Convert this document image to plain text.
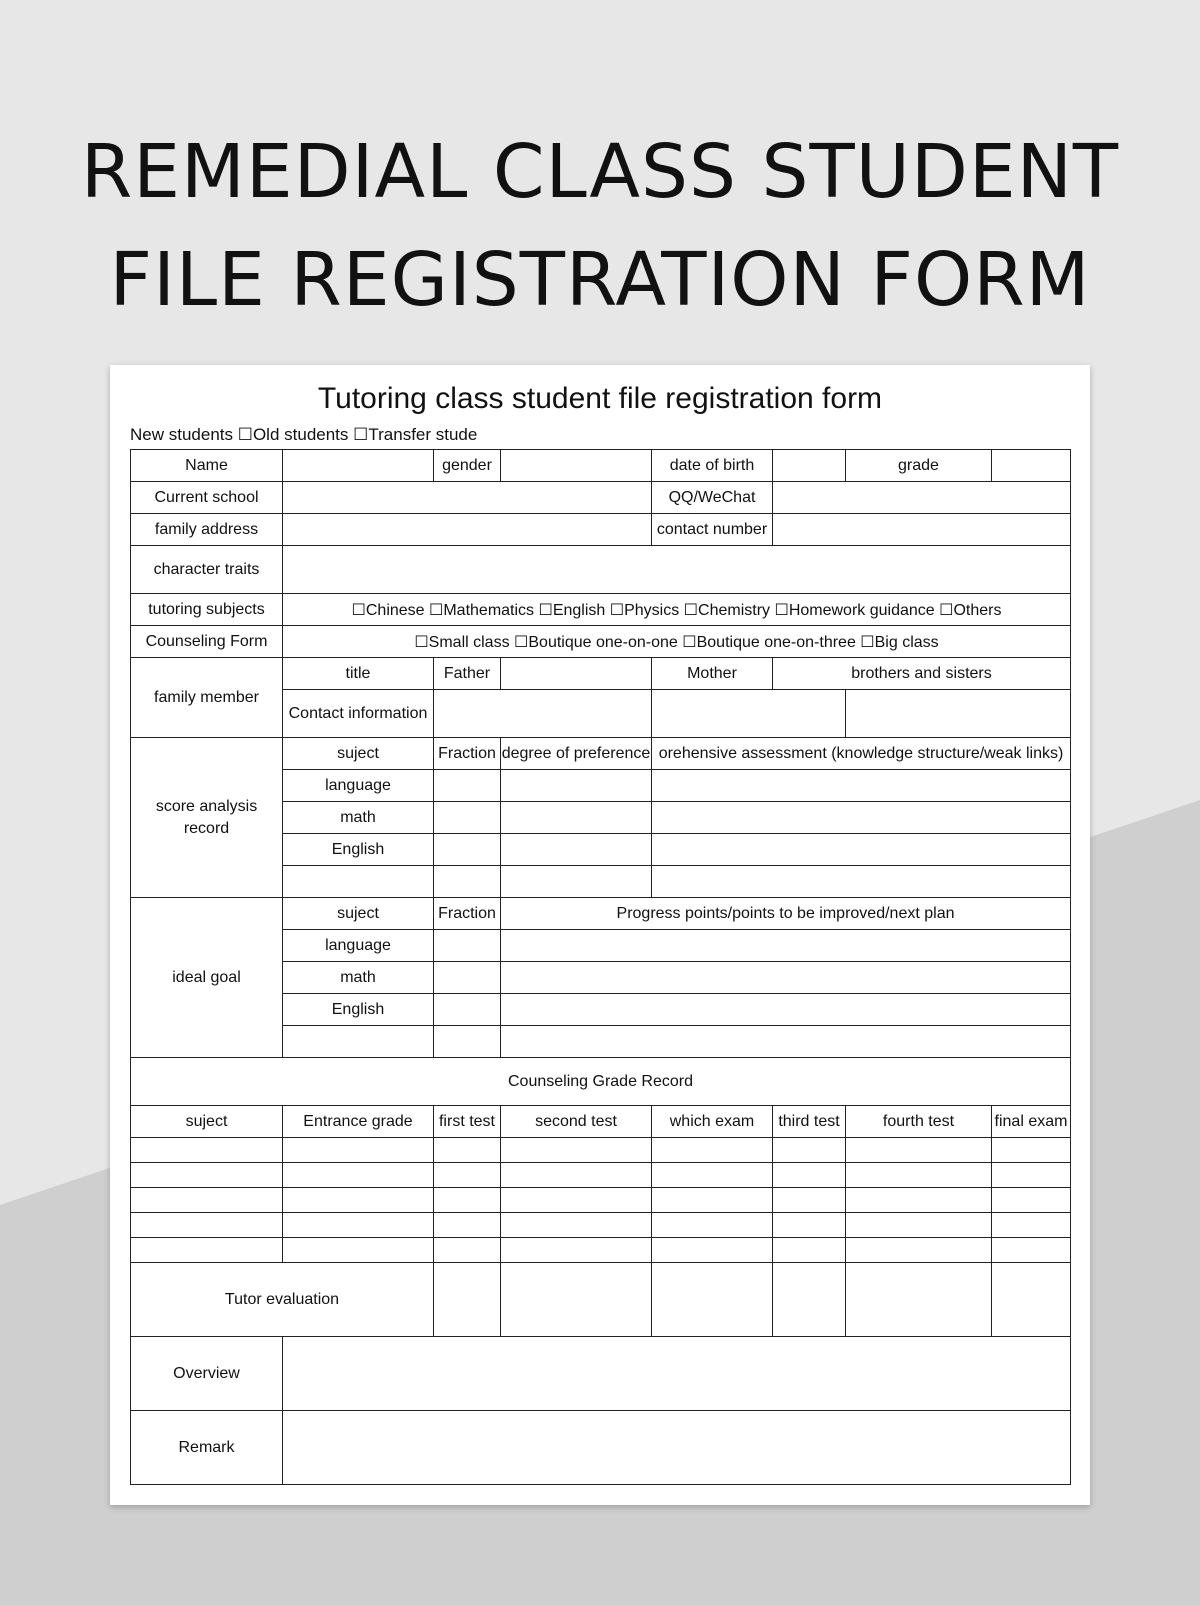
REMEDIAL CLASS STUDENT
FILE REGISTRATION FORM
Tutoring class student file registration form
New students ☐Old students ☐Transfer stude
Name		gender		date of birth		grade	
Current school				QQ/WeChat			
family address				contact number			
character traits							
tutoring subjects	☐Chinese ☐Mathematics ☐English ☐Physics ☐Chemistry ☐Homework guidance ☐Others						
Counseling Form	☐Small class ☐Boutique one-on-one ☐Boutique one-on-three ☐Big class						
family member	title	Father		Mother	brothers and sisters		
	Contact information						
score analysis record	suject	Fraction	degree of preference	orehensive assessment (knowledge structure/weak links)			
	language						
	math						
	English						

ideal goal	suject	Fraction	Progress points/points to be improved/next plan				
	language						
	math						
	English						

Counseling Grade Record							
suject	Entrance grade	first test	second test	which exam	third test	fourth test	final exam

Tutor evaluation							
Overview							
Remark							
